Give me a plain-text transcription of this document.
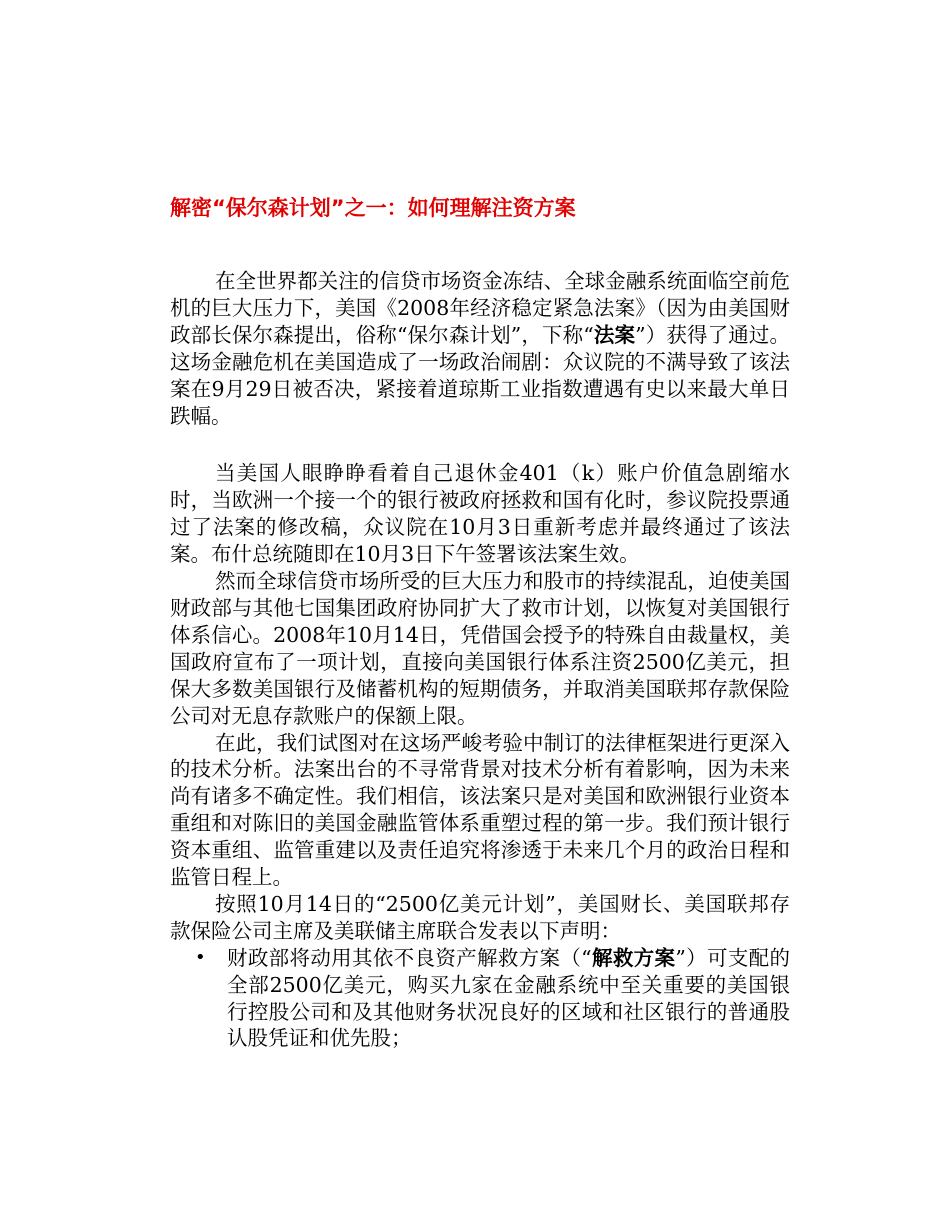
解密“保尔森计划”之一：如何理解注资方案

在全世界都关注的信贷市场资金冻结、全球金融系统面临空前危机的巨大压力下，美国《2008年经济稳定紧急法案》（因为由美国财政部长保尔森提出，俗称“保尔森计划”，下称“法案”）获得了通过。这场金融危机在美国造成了一场政治闹剧：众议院的不满导致了该法案在9月29日被否决，紧接着道琼斯工业指数遭遇有史以来最大单日跌幅。

当美国人眼睁睁看着自己退休金401（k）账户价值急剧缩水时，当欧洲一个接一个的银行被政府拯救和国有化时，参议院投票通过了法案的修改稿，众议院在10月3日重新考虑并最终通过了该法案。布什总统随即在10月3日下午签署该法案生效。

然而全球信贷市场所受的巨大压力和股市的持续混乱，迫使美国财政部与其他七国集团政府协同扩大了救市计划，以恢复对美国银行体系信心。2008年10月14日，凭借国会授予的特殊自由裁量权，美国政府宣布了一项计划，直接向美国银行体系注资2500亿美元，担保大多数美国银行及储蓄机构的短期债务，并取消美国联邦存款保险公司对无息存款账户的保额上限。

在此，我们试图对在这场严峻考验中制订的法律框架进行更深入的技术分析。法案出台的不寻常背景对技术分析有着影响，因为未来尚有诸多不确定性。我们相信，该法案只是对美国和欧洲银行业资本重组和对陈旧的美国金融监管体系重塑过程的第一步。我们预计银行资本重组、监管重建以及责任追究将渗透于未来几个月的政治日程和监管日程上。

按照10月14日的“2500亿美元计划”，美国财长、美国联邦存款保险公司主席及美联储主席联合发表以下声明：

• 财政部将动用其依不良资产解救方案（“解救方案”）可支配的全部2500亿美元，购买九家在金融系统中至关重要的美国银行控股公司和及其他财务状况良好的区域和社区银行的普通股认股凭证和优先股；
